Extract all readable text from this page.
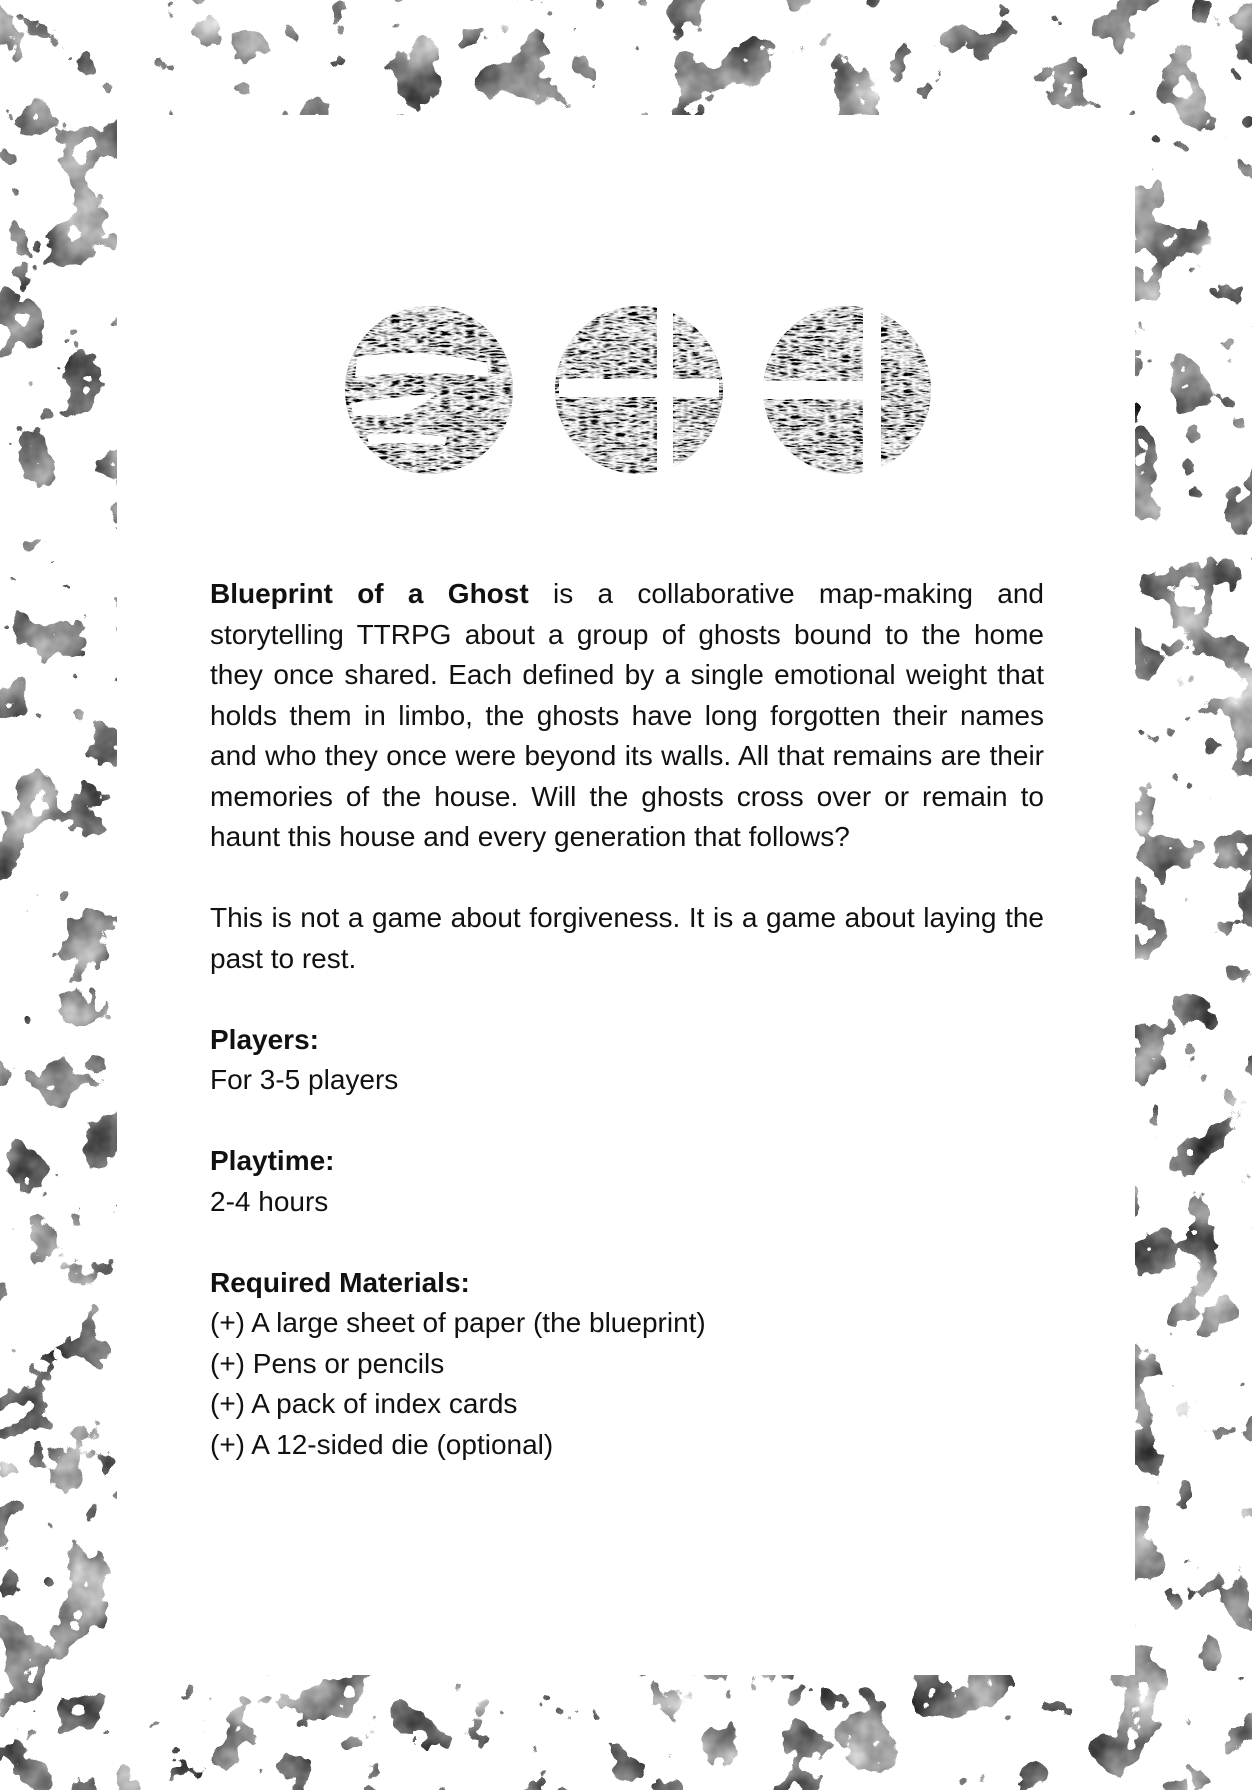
Blueprint of a Ghost is a collaborative map-making and storytelling TTRPG about a group of ghosts bound to the home they once shared. Each defined by a single emotional weight that holds them in limbo, the ghosts have long forgotten their names and who they once were beyond its walls. All that remains are their memories of the house. Will the ghosts cross over or remain to haunt this house and every generation that follows?

This is not a game about forgiveness. It is a game about laying the past to rest.

Players:

For 3-5 players

Playtime:

2-4 hours

Required Materials:

(+) A large sheet of paper (the blueprint)
(+) Pens or pencils
(+) A pack of index cards
(+) A 12-sided die (optional)
